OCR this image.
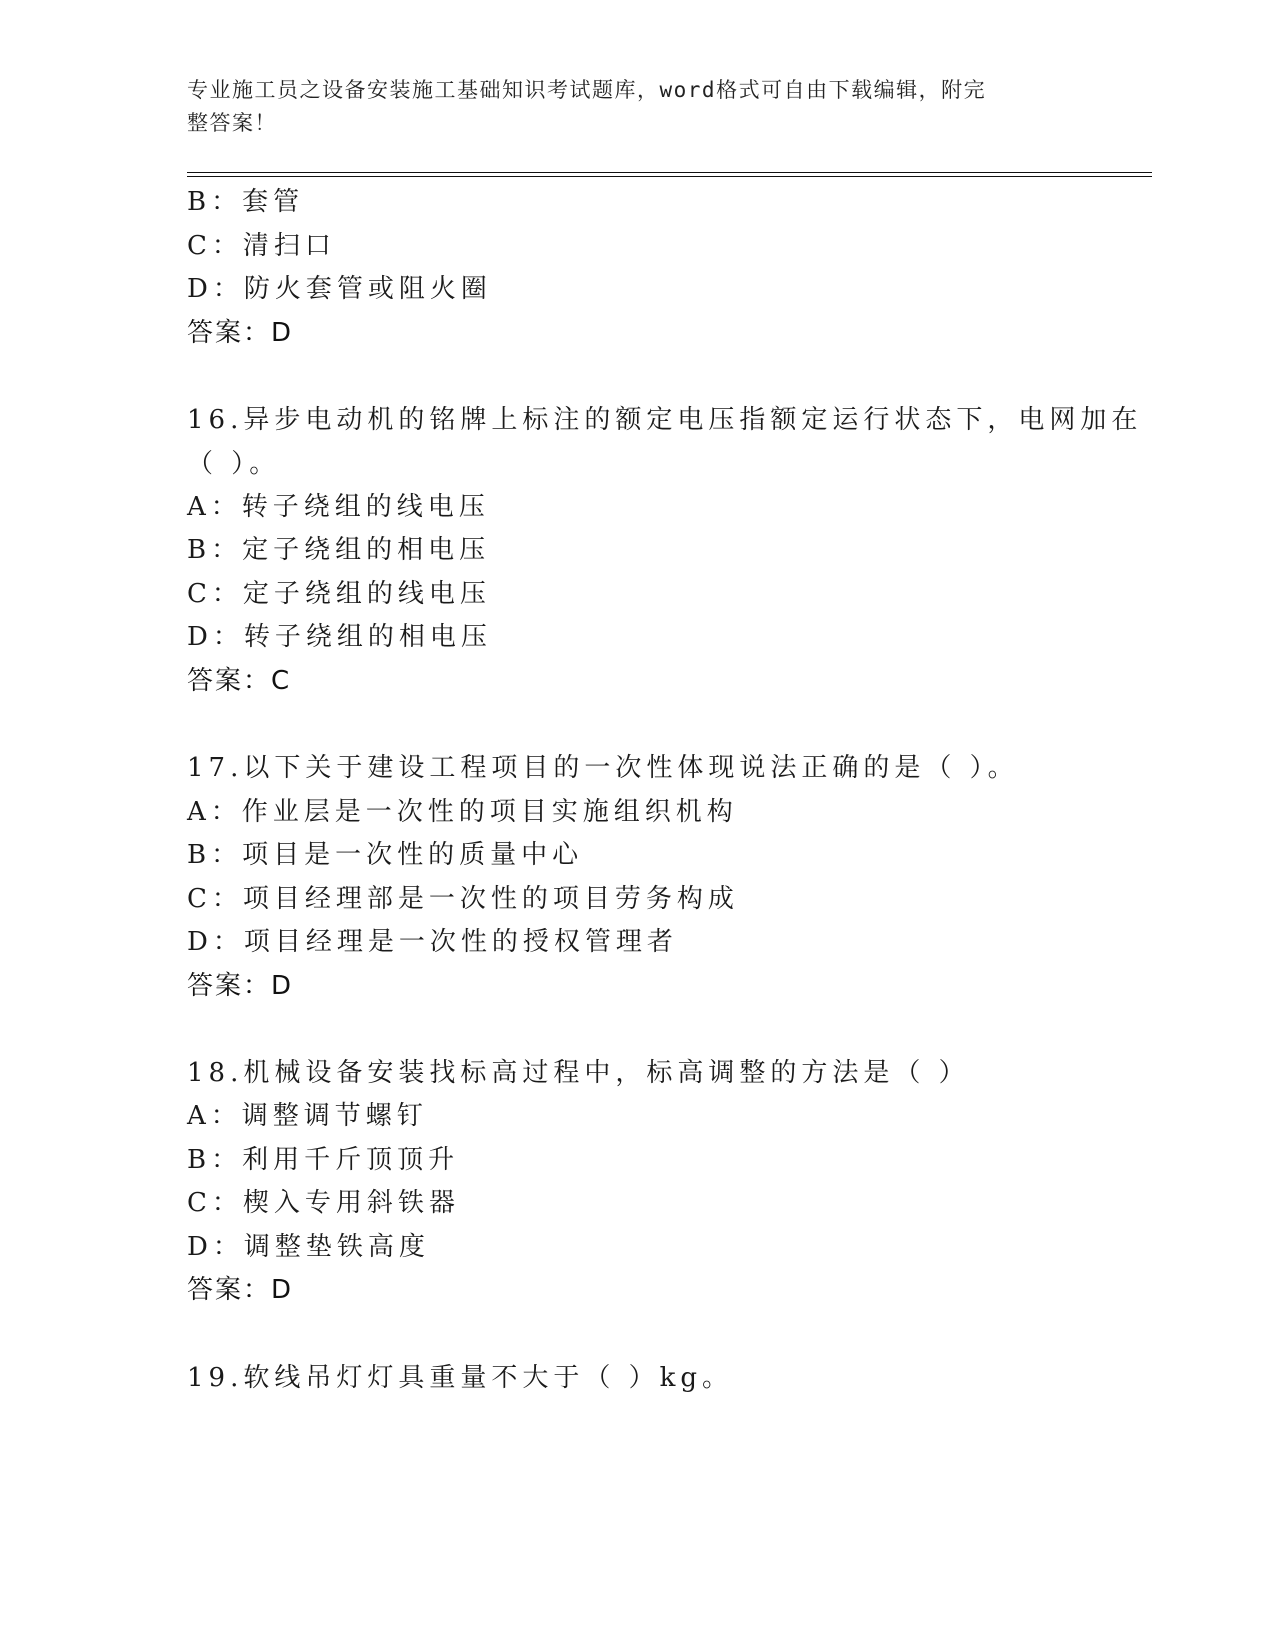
专业施工员之设备安装施工基础知识考试题库，word格式可自由下载编辑，附完
整答案！
B：套管
C：清扫口
D：防火套管或阻火圈
答案：D
16.异步电动机的铭牌上标注的额定电压指额定运行状态下，电网加在
（ ）。
A：转子绕组的线电压
B：定子绕组的相电压
C：定子绕组的线电压
D：转子绕组的相电压
答案：C
17.以下关于建设工程项目的一次性体现说法正确的是（ ）。
A：作业层是一次性的项目实施组织机构
B：项目是一次性的质量中心
C：项目经理部是一次性的项目劳务构成
D：项目经理是一次性的授权管理者
答案：D
18.机械设备安装找标高过程中，标高调整的方法是（ ）
A：调整调节螺钉
B：利用千斤顶顶升
C：楔入专用斜铁器
D：调整垫铁高度
答案：D
19.软线吊灯灯具重量不大于（ ）kg。
